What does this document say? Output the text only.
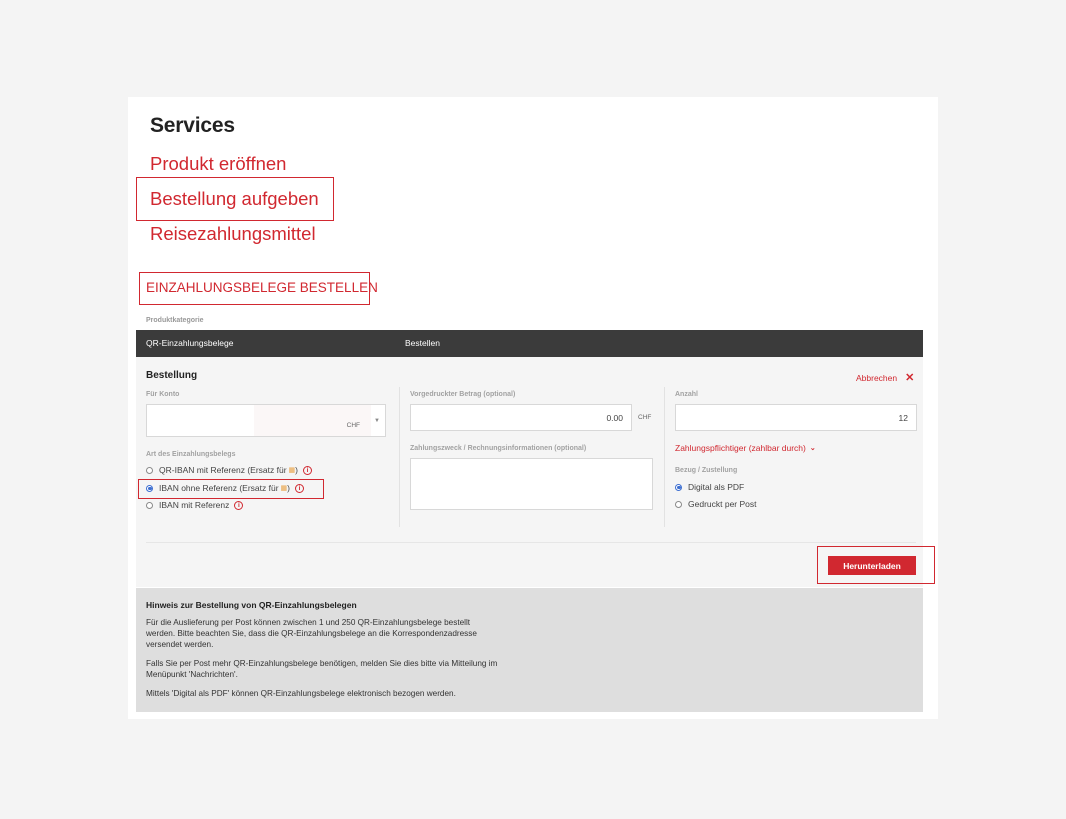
Services
Produkt eröffnen
Bestellung aufgeben
Reisezahlungsmittel
EINZAHLUNGSBELEGE BESTELLEN
Produktkategorie
QR-Einzahlungsbelege	Bestellen
Bestellung	Abbrechen ✕
Für Konto
CHF
▼
Art des Einzahlungsbelegs
QR-IBAN mit Referenz (Ersatz für ▦ )	i
IBAN ohne Referenz (Ersatz für ▦ )	i
IBAN mit Referenz	i
Vorgedruckter Betrag (optional)
0.00	CHF
Zahlungszweck / Rechnungsinformationen (optional)
Anzahl
12
Zahlungspflichtiger (zahlbar durch) ⌄
Bezug / Zustellung
Digital als PDF
Gedruckt per Post
Herunterladen
Hinweis zur Bestellung von QR-Einzahlungsbelegen

Für die Auslieferung per Post können zwischen 1 und 250 QR-Einzahlungsbelege bestellt

werden. Bitte beachten Sie, dass die QR-Einzahlungsbelege an die Korrespondenzadresse

versendet werden.

Falls Sie per Post mehr QR-Einzahlungsbelege benötigen, melden Sie dies bitte via Mitteilung im

Menüpunkt 'Nachrichten'.

Mittels 'Digital als PDF' können QR-Einzahlungsbelege elektronisch bezogen werden.
